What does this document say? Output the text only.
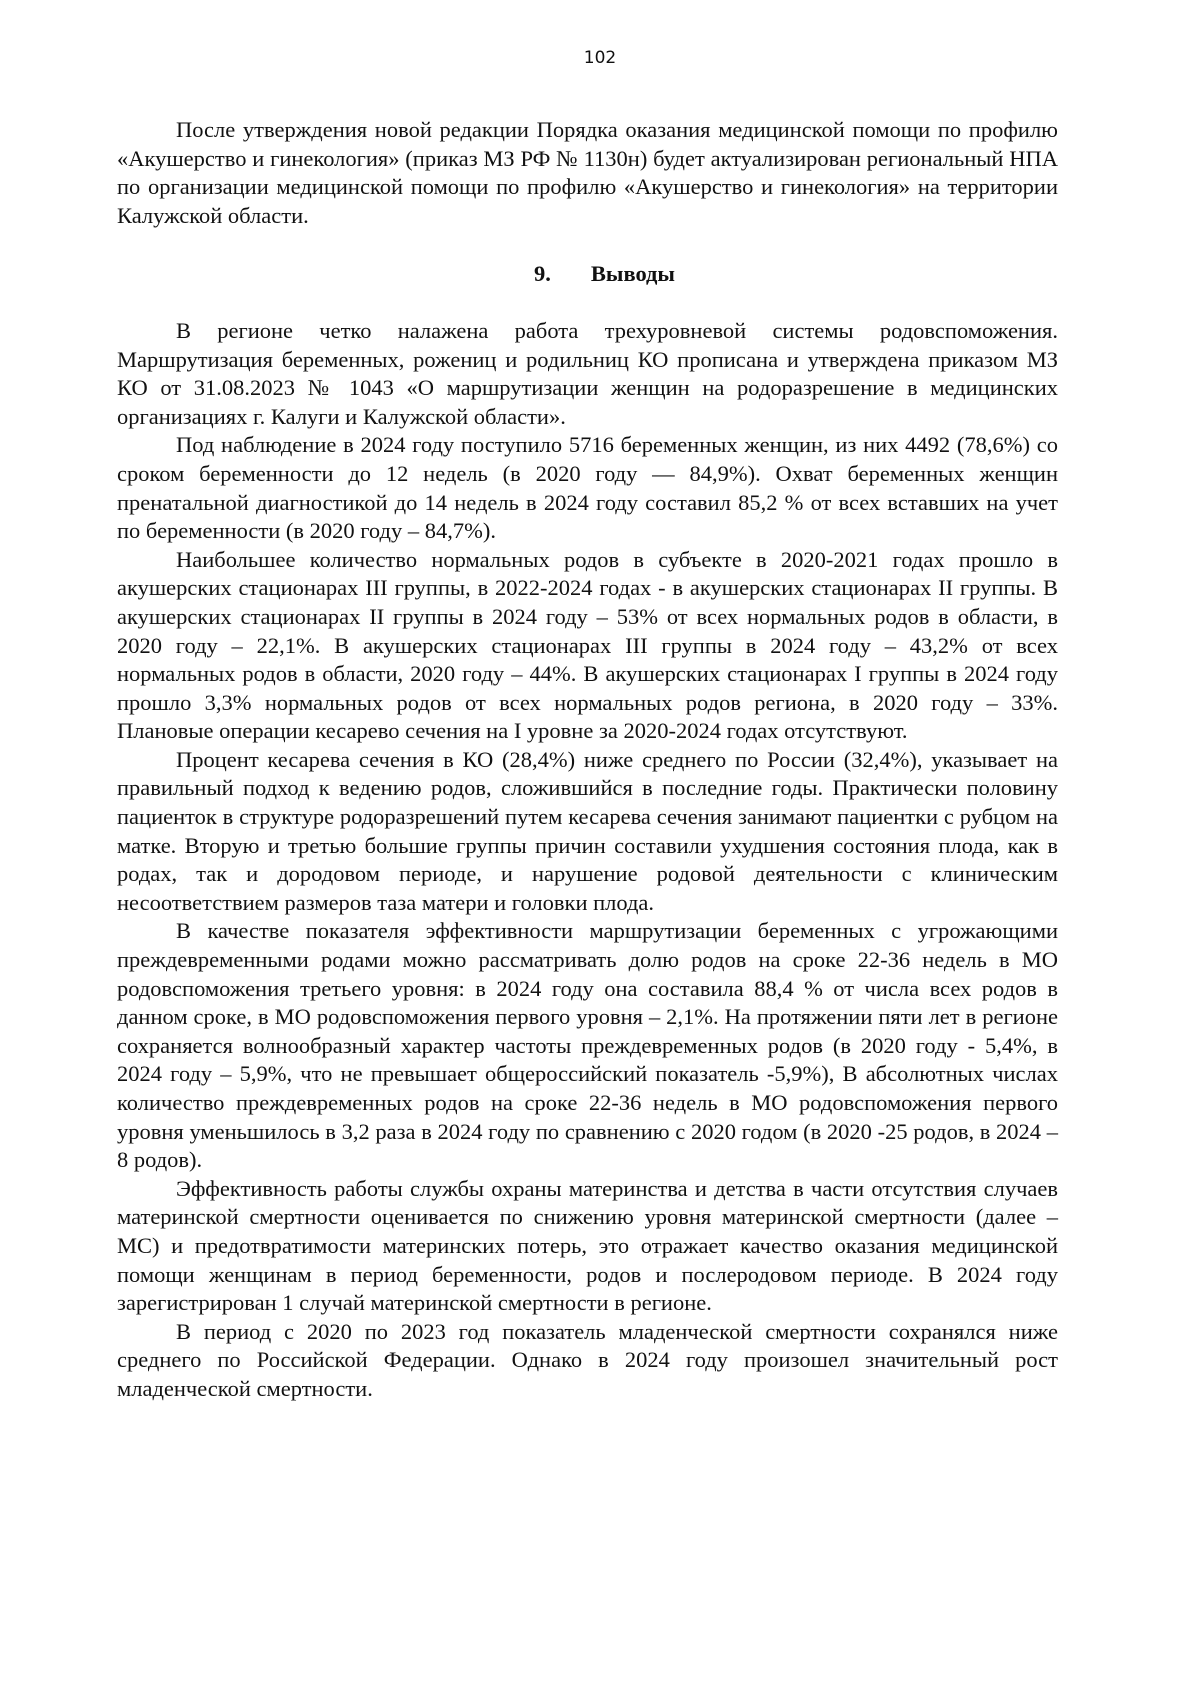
102

После утверждения новой редакции Порядка оказания медицинской помощи по профилю «Акушерство и гинекология» (приказ МЗ РФ № 1130н) будет актуализирован региональный НПА по организации медицинской помощи по профилю «Акушерство и гинекология» на территории Калужской области.

9. Выводы

В регионе четко налажена работа трехуровневой системы родовспоможения. Маршрутизация беременных, рожениц и родильниц КО прописана и утверждена приказом МЗ КО от 31.08.2023 № 1043 «О маршрутизации женщин на родоразрешение в медицинских организациях г. Калуги и Калужской области».

Под наблюдение в 2024 году поступило 5716 беременных женщин, из них 4492 (78,6%) со сроком беременности до 12 недель (в 2020 году — 84,9%). Охват беременных женщин пренатальной диагностикой до 14 недель в 2024 году составил 85,2 % от всех вставших на учет по беременности (в 2020 году – 84,7%).

Наибольшее количество нормальных родов в субъекте в 2020-2021 годах прошло в акушерских стационарах III группы, в 2022-2024 годах - в акушерских стационарах II группы. В акушерских стационарах II группы в 2024 году – 53% от всех нормальных родов в области, в 2020 году – 22,1%. В акушерских стационарах III группы в 2024 году – 43,2% от всех нормальных родов в области, 2020 году – 44%. В акушерских стационарах I группы в 2024 году прошло 3,3% нормальных родов от всех нормальных родов региона, в 2020 году – 33%. Плановые операции кесарево сечения на I уровне за 2020-2024 годах отсутствуют.

Процент кесарева сечения в КО (28,4%) ниже среднего по России (32,4%), указывает на правильный подход к ведению родов, сложившийся в последние годы. Практически половину пациенток в структуре родоразрешений путем кесарева сечения занимают пациентки с рубцом на матке. Вторую и третью большие группы причин составили ухудшения состояния плода, как в родах, так и дородовом периоде, и нарушение родовой деятельности с клиническим несоответствием размеров таза матери и головки плода.

В качестве показателя эффективности маршрутизации беременных с угрожающими преждевременными родами можно рассматривать долю родов на сроке 22-36 недель в МО родовспоможения третьего уровня: в 2024 году она составила 88,4 % от числа всех родов в данном сроке, в МО родовспоможения первого уровня – 2,1%. На протяжении пяти лет в регионе сохраняется волнообразный характер частоты преждевременных родов (в 2020 году - 5,4%, в 2024 году – 5,9%, что не превышает общероссийский показатель -5,9%), В абсолютных числах количество преждевременных родов на сроке 22-36 недель в МО родовспоможения первого уровня уменьшилось в 3,2 раза в 2024 году по сравнению с 2020 годом (в 2020 -25 родов, в 2024 – 8 родов).

Эффективность работы службы охраны материнства и детства в части отсутствия случаев материнской смертности оценивается по снижению уровня материнской смертности (далее – МС) и предотвратимости материнских потерь, это отражает качество оказания медицинской помощи женщинам в период беременности, родов и послеродовом периоде. В 2024 году зарегистрирован 1 случай материнской смертности в регионе.

В период с 2020 по 2023 год показатель младенческой смертности сохранялся ниже среднего по Российской Федерации. Однако в 2024 году произошел значительный рост младенческой смертности.
